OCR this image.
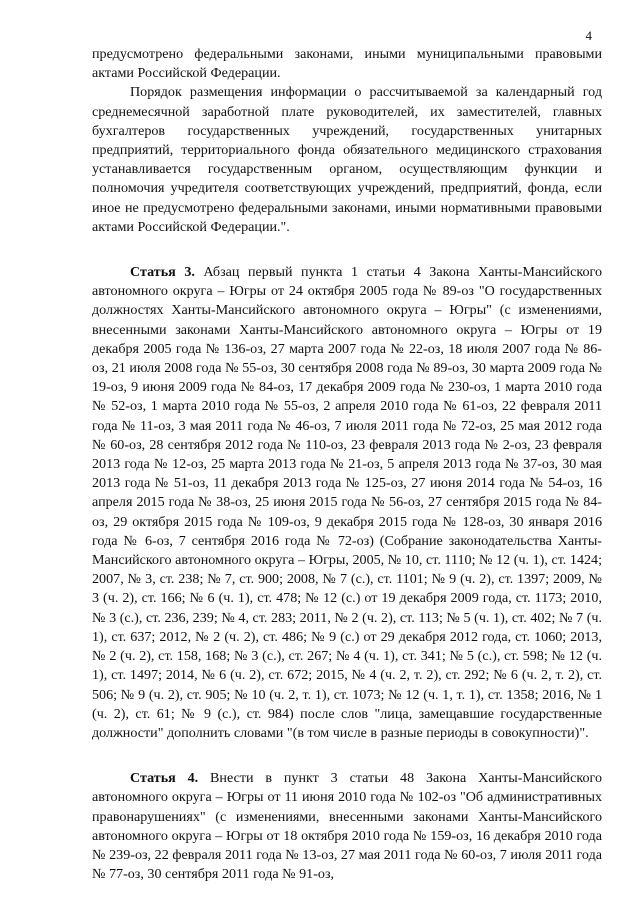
4

предусмотрено федеральными законами, иными муниципальными правовыми актами Российской Федерации.

Порядок размещения информации о рассчитываемой за календарный год среднемесячной заработной плате руководителей, их заместителей, главных бухгалтеров государственных учреждений, государственных унитарных предприятий, территориального фонда обязательного медицинского страхования устанавливается государственным органом, осуществляющим функции и полномочия учредителя соответствующих учреждений, предприятий, фонда, если иное не предусмотрено федеральными законами, иными нормативными правовыми актами Российской Федерации.".

Статья 3. Абзац первый пункта 1 статьи 4 Закона Ханты-Мансийского автономного округа – Югры от 24 октября 2005 года № 89-оз "О государственных должностях Ханты-Мансийского автономного округа – Югры" (с изменениями, внесенными законами Ханты-Мансийского автономного округа – Югры от 19 декабря 2005 года № 136-оз, 27 марта 2007 года № 22-оз, 18 июля 2007 года № 86-оз, 21 июля 2008 года № 55-оз, 30 сентября 2008 года № 89-оз, 30 марта 2009 года № 19-оз, 9 июня 2009 года № 84-оз, 17 декабря 2009 года № 230-оз, 1 марта 2010 года № 52-оз, 1 марта 2010 года № 55-оз, 2 апреля 2010 года № 61-оз, 22 февраля 2011 года № 11-оз, 3 мая 2011 года № 46-оз, 7 июля 2011 года № 72-оз, 25 мая 2012 года № 60-оз, 28 сентября 2012 года № 110-оз, 23 февраля 2013 года № 2-оз, 23 февраля 2013 года № 12-оз, 25 марта 2013 года № 21-оз, 5 апреля 2013 года № 37-оз, 30 мая 2013 года № 51-оз, 11 декабря 2013 года № 125-оз, 27 июня 2014 года № 54-оз, 16 апреля 2015 года № 38-оз, 25 июня 2015 года № 56-оз, 27 сентября 2015 года № 84-оз, 29 октября 2015 года № 109-оз, 9 декабря 2015 года № 128-оз, 30 января 2016 года № 6-оз, 7 сентября 2016 года № 72-оз) (Собрание законодательства Ханты-Мансийского автономного округа – Югры, 2005, № 10, ст. 1110; № 12 (ч. 1), ст. 1424; 2007, № 3, ст. 238; № 7, ст. 900; 2008, № 7 (с.), ст. 1101; № 9 (ч. 2), ст. 1397; 2009, № 3 (ч. 2), ст. 166; № 6 (ч. 1), ст. 478; № 12 (с.) от 19 декабря 2009 года, ст. 1173; 2010, № 3 (с.), ст. 236, 239; № 4, ст. 283; 2011, № 2 (ч. 2), ст. 113; № 5 (ч. 1), ст. 402; № 7 (ч. 1), ст. 637; 2012, № 2 (ч. 2), ст. 486; № 9 (с.) от 29 декабря 2012 года, ст. 1060; 2013, № 2 (ч. 2), ст. 158, 168; № 3 (с.), ст. 267; № 4 (ч. 1), ст. 341; № 5 (с.), ст. 598; № 12 (ч. 1), ст. 1497; 2014, № 6 (ч. 2), ст. 672; 2015, № 4 (ч. 2, т. 2), ст. 292; № 6 (ч. 2, т. 2), ст. 506; № 9 (ч. 2), ст. 905; № 10 (ч. 2, т. 1), ст. 1073; № 12 (ч. 1, т. 1), ст. 1358; 2016, № 1 (ч. 2), ст. 61; № 9 (с.), ст. 984) после слов "лица, замещавшие государственные должности" дополнить словами "(в том числе в разные периоды в совокупности)".

Статья 4. Внести в пункт 3 статьи 48 Закона Ханты-Мансийского автономного округа – Югры от 11 июня 2010 года № 102-оз "Об административных правонарушениях" (с изменениями, внесенными законами Ханты-Мансийского автономного округа – Югры от 18 октября 2010 года № 159-оз, 16 декабря 2010 года № 239-оз, 22 февраля 2011 года № 13-оз, 27 мая 2011 года № 60-оз, 7 июля 2011 года № 77-оз, 30 сентября 2011 года № 91-оз,
